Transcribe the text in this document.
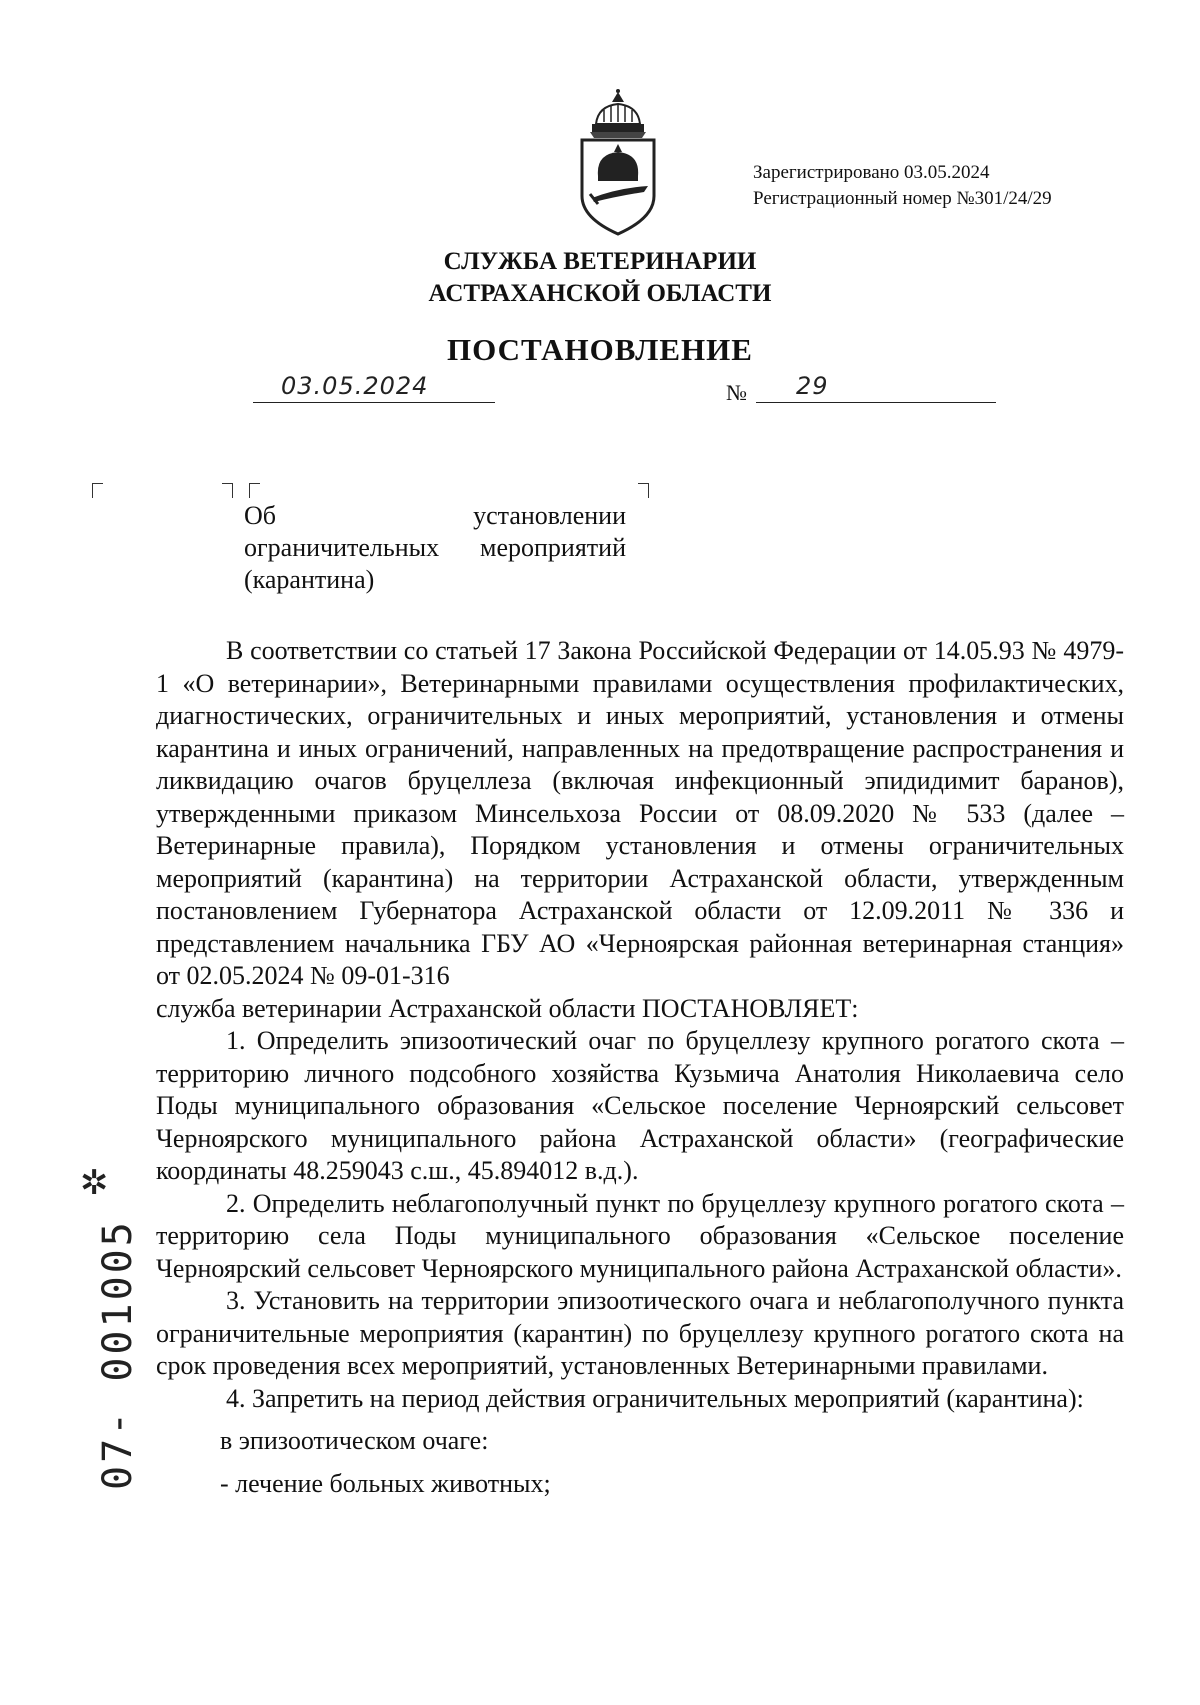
Зарегистрировано 03.05.2024
Регистрационный номер №301/24/29
СЛУЖБА ВЕТЕРИНАРИИ
АСТРАХАНСКОЙ ОБЛАСТИ
ПОСТАНОВЛЕНИЕ
03.05.2024	№ 29
Об установлении ограничительных мероприятий (карантина)

В соответствии со статьей 17 Закона Российской Федерации от 14.05.93 № 4979-1 «О ветеринарии», Ветеринарными правилами осуществления профилактических, диагностических, ограничительных и иных мероприятий, установления и отмены карантина и иных ограничений, направленных на предотвращение распространения и ликвидацию очагов бруцеллеза (включая инфекционный эпидидимит баранов), утвержденными приказом Минсельхоза России от 08.09.2020 № 533 (далее – Ветеринарные правила), Порядком установления и отмены ограничительных мероприятий (карантина) на территории Астраханской области, утвержденным постановлением Губернатора Астраханской области от 12.09.2011 № 336 и представлением начальника ГБУ АО «Черноярская районная ветеринарная станция» от 02.05.2024 № 09-01-316

служба ветеринарии Астраханской области ПОСТАНОВЛЯЕТ:

1. Определить эпизоотический очаг по бруцеллезу крупного рогатого скота – территорию личного подсобного хозяйства Кузьмича Анатолия Николаевича село Поды муниципального образования «Сельское поселение Черноярский сельсовет Черноярского муниципального района Астраханской области» (географические координаты 48.259043 с.ш., 45.894012 в.д.).

2. Определить неблагополучный пункт по бруцеллезу крупного рогатого скота – территорию села Поды муниципального образования «Сельское поселение Черноярский сельсовет Черноярского муниципального района Астраханской области».

3. Установить на территории эпизоотического очага и неблагополучного пункта ограничительные мероприятия (карантин) по бруцеллезу крупного рогатого скота на срок проведения всех мероприятий, установленных Ветеринарными правилами.

4. Запретить на период действия ограничительных мероприятий (карантина):

в эпизоотическом очаге:

- лечение больных животных;

✲
07- 001005
